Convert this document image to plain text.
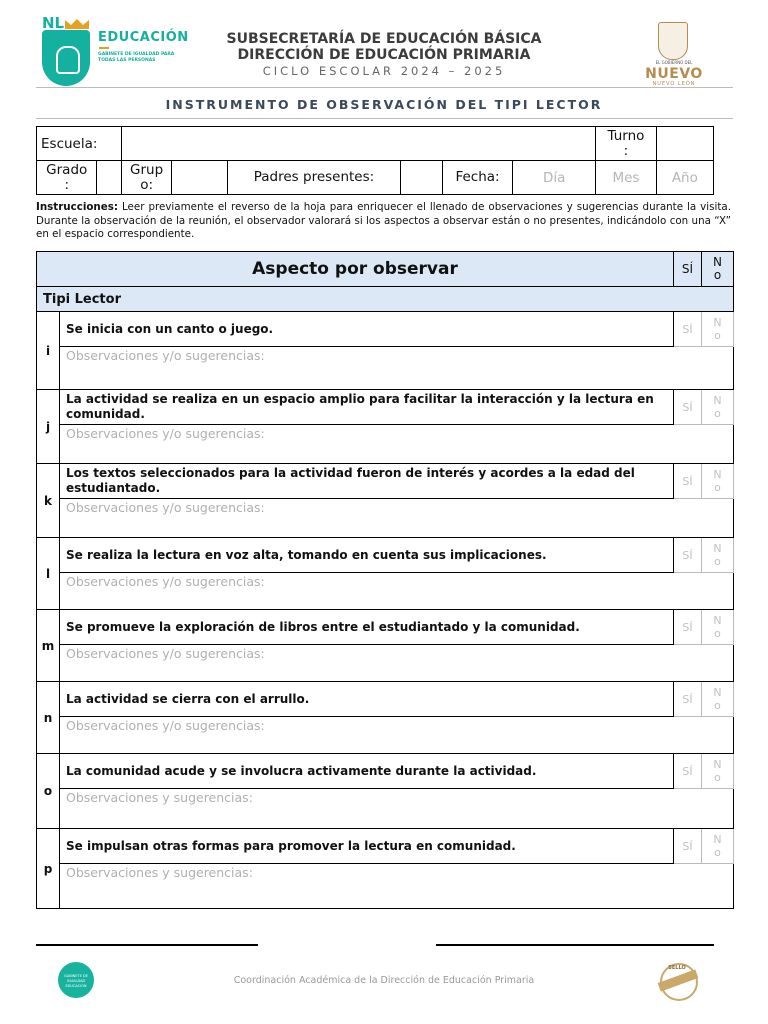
NL
EDUCACIÓN
GABINETE DE IGUALDAD PARA TODAS LAS PERSONAS
SUBSECRETARÍA DE EDUCACIÓN BÁSICA
DIRECCIÓN DE EDUCACIÓN PRIMARIA
CICLO ESCOLAR 2024 – 2025
EL GOBIERNO DEL
NUEVO
NUEVO LEÓN
INSTRUMENTO DE OBSERVACIÓN DEL TIPI LECTOR
Escuela:								Turno
:	
Grado
:		Grup
o:		Padres presentes:		Fecha:	Día	Mes	Año
Instrucciones: Leer previamente el reverso de la hoja para enriquecer el llenado de observaciones y sugerencias durante la visita. Durante la observación de la reunión, el observador valorará si los aspectos a observar están o no presentes, indicándolo con una “X” en el espacio correspondiente.
Aspecto por observar		SÍ	No
Tipi Lector			
i	Se inicia con un canto o juego.	SÍ	No
	Observaciones y/o sugerencias:		
j	La actividad se realiza en un espacio amplio para facilitar la interacción y la lectura en comunidad.	SÍ	No
	Observaciones y/o sugerencias:		
k	Los textos seleccionados para la actividad fueron de interés y acordes a la edad del estudiantado.	SÍ	No
	Observaciones y/o sugerencias:		
l	Se realiza la lectura en voz alta, tomando en cuenta sus implicaciones.	SÍ	No
	Observaciones y/o sugerencias:		
m	Se promueve la exploración de libros entre el estudiantado y la comunidad.	SÍ	No
	Observaciones y/o sugerencias:		
n	La actividad se cierra con el arrullo.	SÍ	No
	Observaciones y/o sugerencias:		
o	La comunidad acude y se involucra activamente durante la actividad.	SÍ	No
	Observaciones y sugerencias:		
p	Se impulsan otras formas para promover la lectura en comunidad.	SÍ	No
	Observaciones y sugerencias:		
GABINETE DE IGUALDAD EDUCACIÓN	Coordinación Académica de la Dirección de Educación Primaria
SELLO
